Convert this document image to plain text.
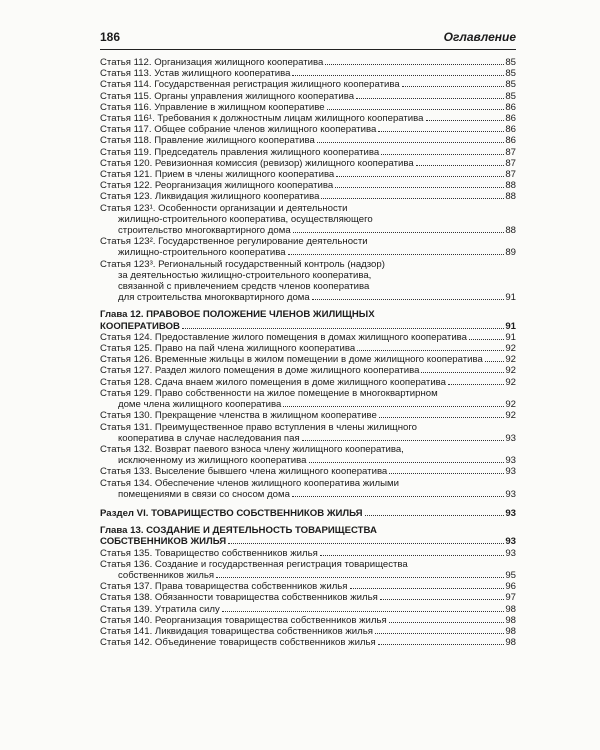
186	Оглавление
Статья 112. Организация жилищного кооператива	85
Статья 113. Устав жилищного кооператива	85
Статья 114. Государственная регистрация жилищного кооператива	85
Статья 115. Органы управления жилищного кооператива	85
Статья 116. Управление в жилищном кооперативе	86
Статья 116¹. Требования к должностным лицам жилищного кооператива	86
Статья 117. Общее собрание членов жилищного кооператива	86
Статья 118. Правление жилищного кооператива	86
Статья 119. Председатель правления жилищного кооператива	87
Статья 120. Ревизионная комиссия (ревизор) жилищного кооператива	87
Статья 121. Прием в члены жилищного кооператива	87
Статья 122. Реорганизация жилищного кооператива	88
Статья 123. Ликвидация жилищного кооператива	88
Статья 123¹. Особенности организации и деятельности
жилищно-строительного кооператива, осуществляющего
строительство многоквартирного дома	88
Статья 123². Государственное регулирование деятельности
жилищно-строительного кооператива	89
Статья 123³. Региональный государственный контроль (надзор)
за деятельностью жилищно-строительного кооператива,
связанной с привлечением средств членов кооператива
для строительства многоквартирного дома	91
Глава 12. ПРАВОВОЕ ПОЛОЖЕНИЕ ЧЛЕНОВ ЖИЛИЩНЫХ
КООПЕРАТИВОВ	91
Статья 124. Предоставление жилого помещения в домах жилищного кооператива	91
Статья 125. Право на пай члена жилищного кооператива	92
Статья 126. Временные жильцы в жилом помещении в доме жилищного кооператива 92
Статья 127. Раздел жилого помещения в доме жилищного кооператива	92
Статья 128. Сдача внаем жилого помещения в доме жилищного кооператива	92
Статья 129. Право собственности на жилое помещение в многоквартирном
доме члена жилищного кооператива	92
Статья 130. Прекращение членства в жилищном кооперативе	92
Статья 131. Преимущественное право вступления в члены жилищного
кооператива в случае наследования пая	93
Статья 132. Возврат паевого взноса члену жилищного кооператива,
исключенному из жилищного кооператива	93
Статья 133. Выселение бывшего члена жилищного кооператива	93
Статья 134. Обеспечение членов жилищного кооператива жилыми
помещениями в связи со сносом дома	93
Раздел VI. ТОВАРИЩЕСТВО СОБСТВЕННИКОВ ЖИЛЬЯ	93
Глава 13. СОЗДАНИЕ И ДЕЯТЕЛЬНОСТЬ ТОВАРИЩЕСТВА
СОБСТВЕННИКОВ ЖИЛЬЯ	93
Статья 135. Товарищество собственников жилья	93
Статья 136. Создание и государственная регистрация товарищества
собственников жилья	95
Статья 137. Права товарищества собственников жилья	96
Статья 138. Обязанности товарищества собственников жилья	97
Статья 139. Утратила силу	98
Статья 140. Реорганизация товарищества собственников жилья	98
Статья 141. Ликвидация товарищества собственников жилья	98
Статья 142. Объединение товариществ собственников жилья	98
